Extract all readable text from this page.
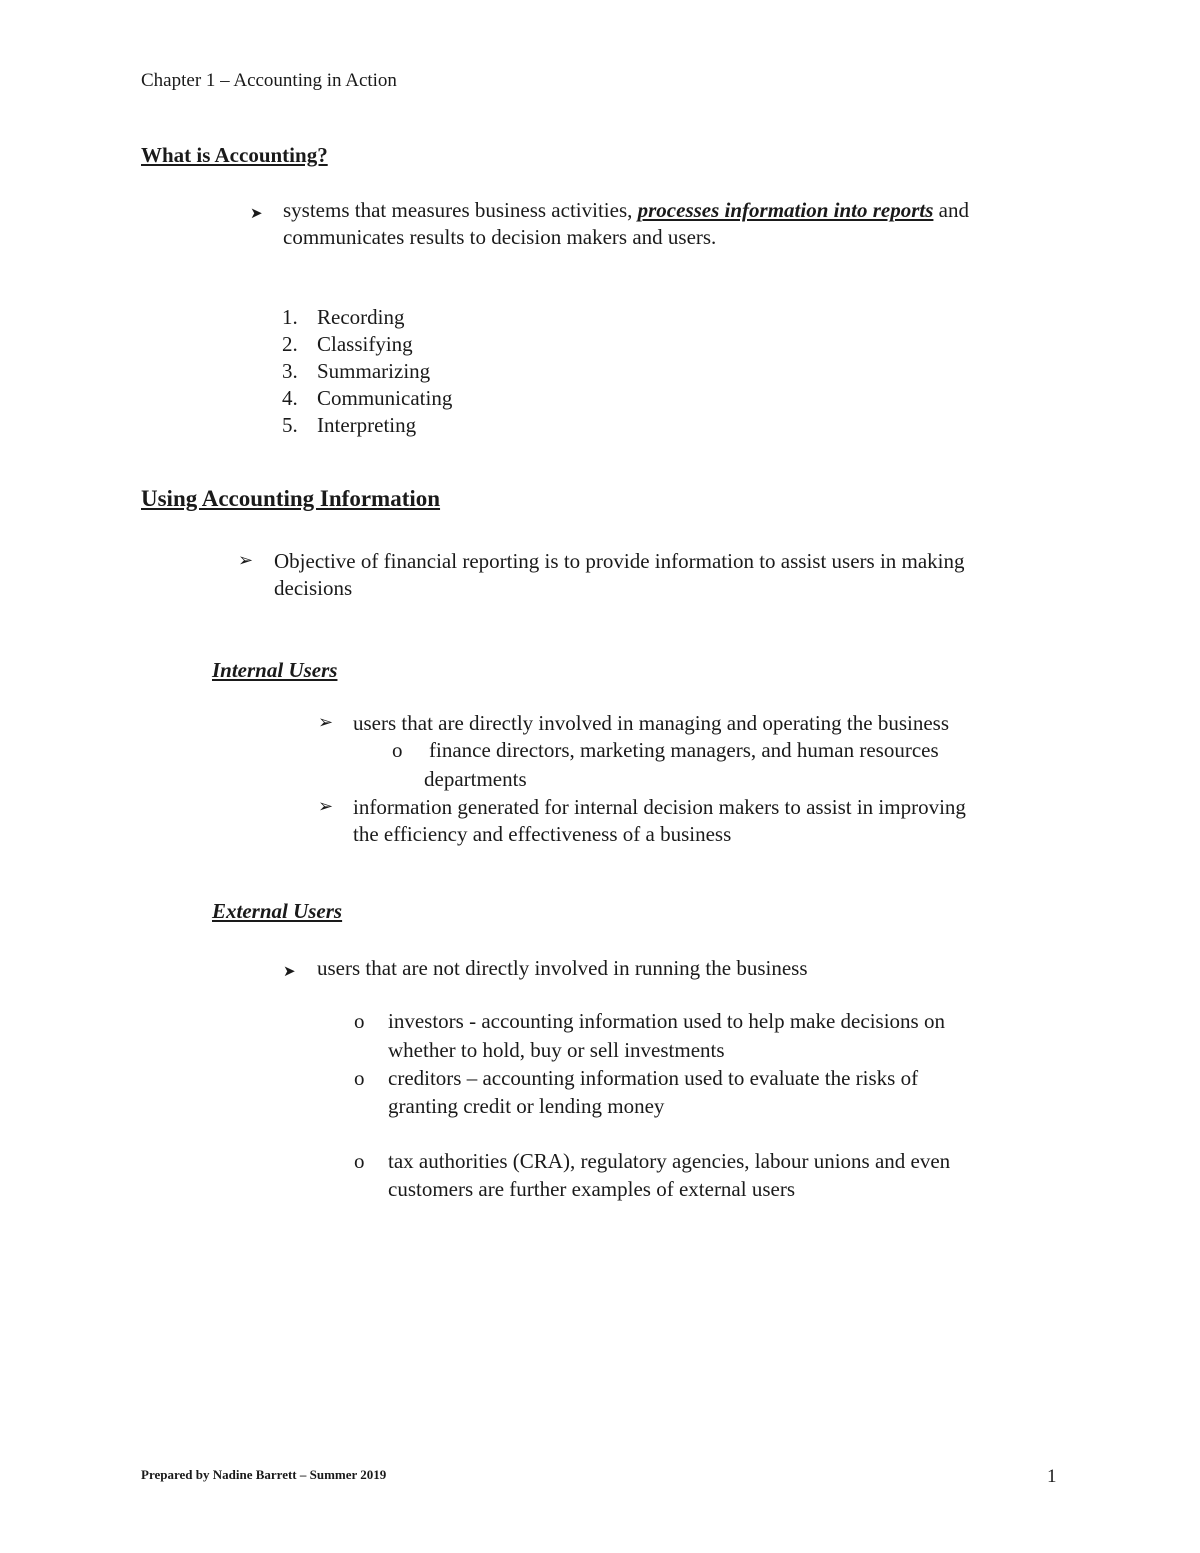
Chapter 1 – Accounting in Action
What is Accounting?
➤ systems that measures business activities, processes information into reports and
communicates results to decision makers and users.
1. Recording
2. Classifying
3. Summarizing
4. Communicating
5. Interpreting
Using Accounting Information
➢ Objective of financial reporting is to provide information to assist users in making
decisions
Internal Users
➢ users that are directly involved in managing and operating the business
o finance directors, marketing managers, and human resources
departments
➢ information generated for internal decision makers to assist in improving
the efficiency and effectiveness of a business
External Users
➤ users that are not directly involved in running the business
o investors - accounting information used to help make decisions on
whether to hold, buy or sell investments
o creditors – accounting information used to evaluate the risks of
granting credit or lending money
o tax authorities (CRA), regulatory agencies, labour unions and even
customers are further examples of external users
Prepared by Nadine Barrett – Summer 2019	1
